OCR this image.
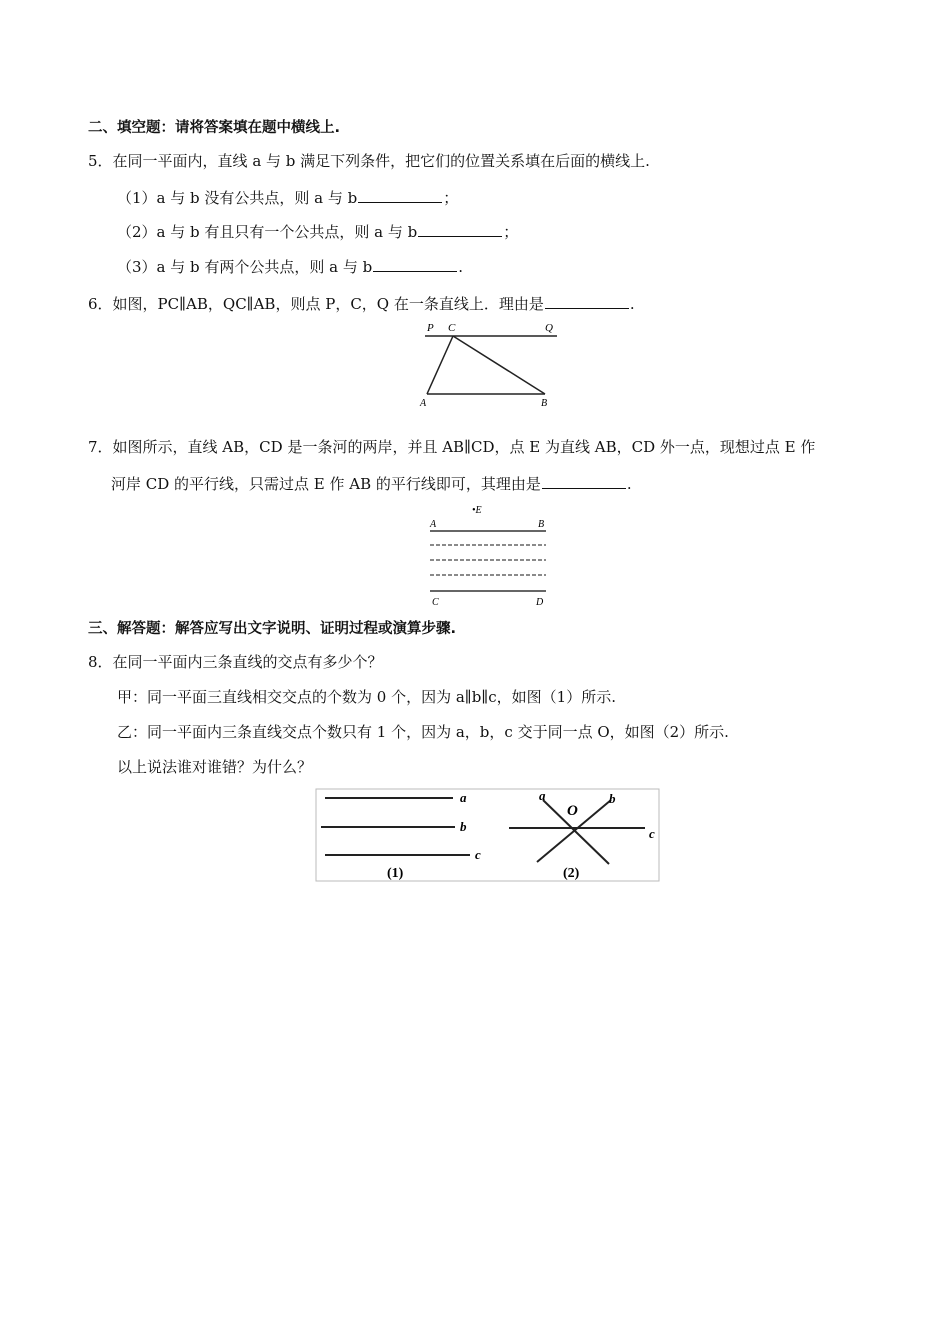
二、填空题：请将答案填在题中横线上.
5．在同一平面内，直线 a 与 b 满足下列条件，把它们的位置关系填在后面的横线上.
（1）a 与 b 没有公共点，则 a 与 b	；
（2）a 与 b 有且只有一个公共点，则 a 与 b	；
（3）a 与 b 有两个公共点，则 a 与 b	.
6．如图，PC∥AB，QC∥AB，则点 P，C，Q 在一条直线上．理由是	.
P C	Q
A	B
7．如图所示，直线 AB，CD 是一条河的两岸，并且 AB∥CD，点 E 为直线 AB，CD 外一点，现想过点 E 作
河岸 CD 的平行线，只需过点 E 作 AB 的平行线即可，其理由是	.
•E
A	B
C	D
三、解答题：解答应写出文字说明、证明过程或演算步骤.
8．在同一平面内三条直线的交点有多少个？
甲：同一平面三直线相交交点的个数为 0 个，因为 a∥b∥c，如图（1）所示.
乙：同一平面内三条直线交点个数只有 1 个，因为 a，b，c 交于同一点 O，如图（2）所示.
以上说法谁对谁错？为什么？
a
b
c
(1)
a
O
b
c
(2)
